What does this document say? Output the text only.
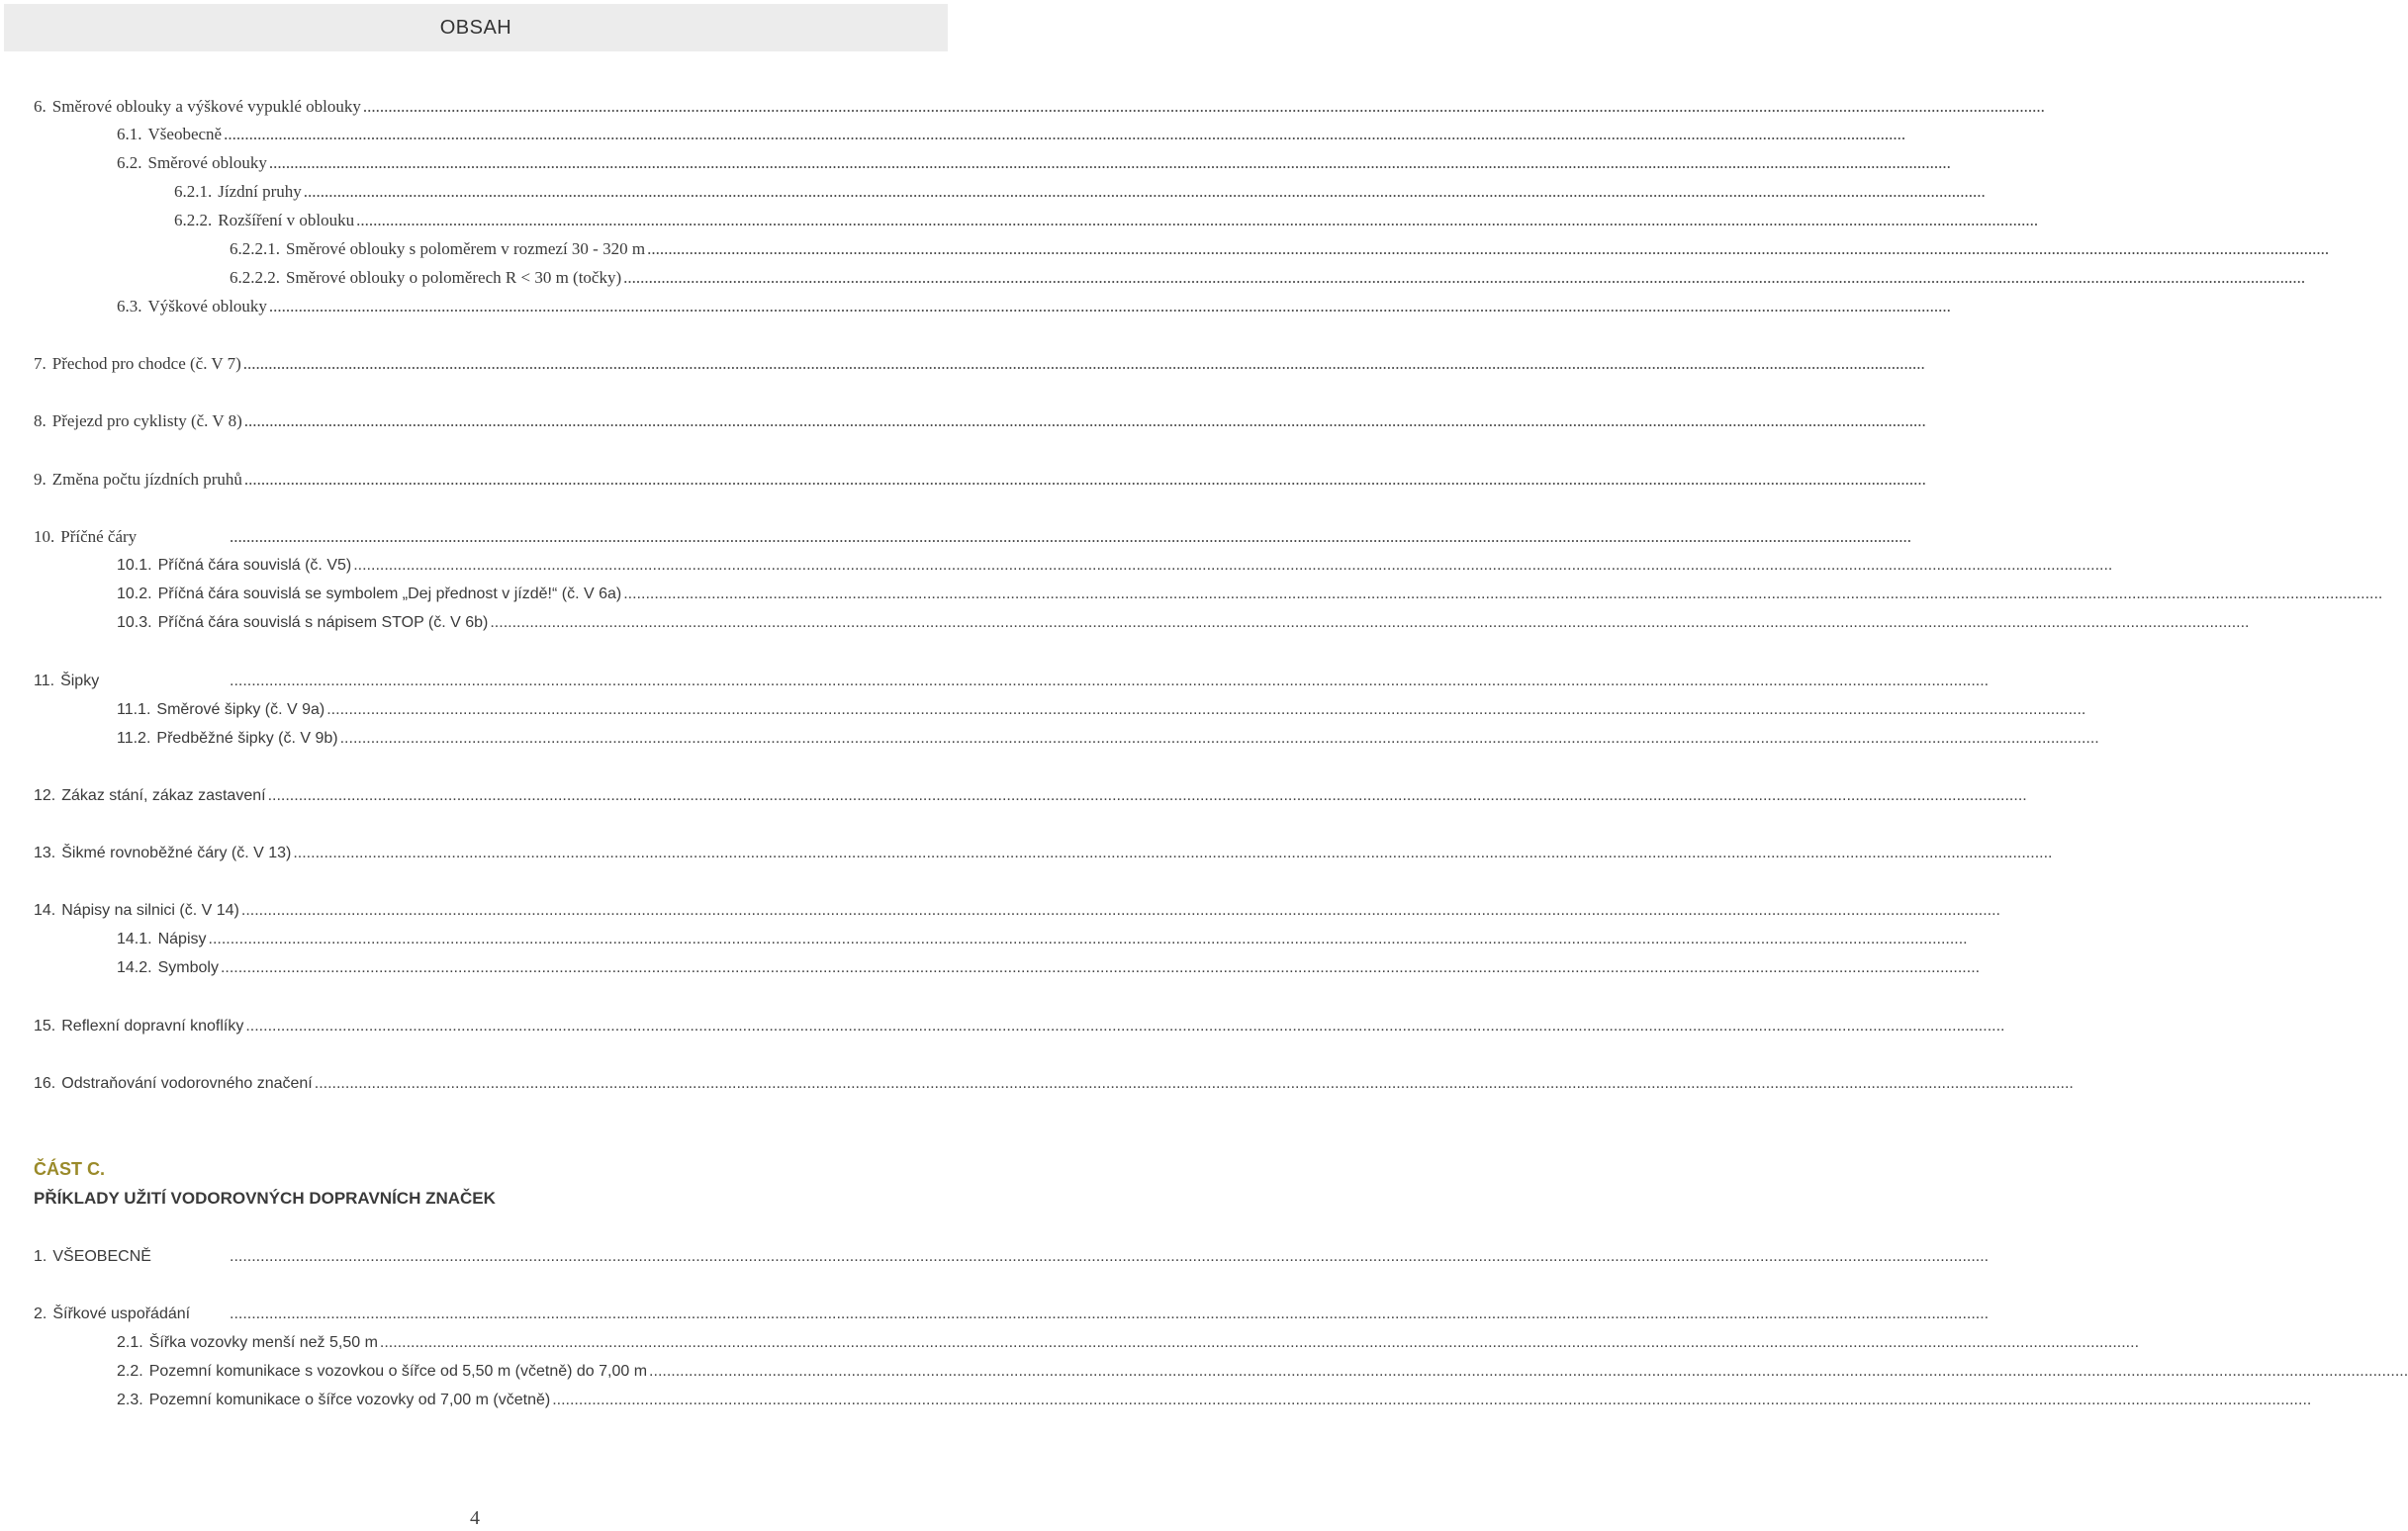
OBSAH
6. Směrové oblouky a výškové vypuklé oblouky ................................................................................................................................................................................................................................................................................................................................................................................................................
6.1. Všeobecně ................................................................................................................................................................................................................................................................................................................................................................................................................
6.2. Směrové oblouky ................................................................................................................................................................................................................................................................................................................................................................................................................
6.2.1. Jízdní pruhy ................................................................................................................................................................................................................................................................................................................................................................................................................
6.2.2. Rozšíření v oblouku ................................................................................................................................................................................................................................................................................................................................................................................................................
6.2.2.1. Směrové oblouky s poloměrem v rozmezí 30 - 320 m ................................................................................................................................................................................................................................................................................................................................................................................................................
6.2.2.2. Směrové oblouky o poloměrech R < 30 m (točky) ................................................................................................................................................................................................................................................................................................................................................................................................................
6.3. Výškové oblouky ................................................................................................................................................................................................................................................................................................................................................................................................................
7. Přechod pro chodce (č. V 7) ................................................................................................................................................................................................................................................................................................................................................................................................................
8. Přejezd pro cyklisty (č. V 8) ................................................................................................................................................................................................................................................................................................................................................................................................................
9. Změna počtu jízdních pruhů ................................................................................................................................................................................................................................................................................................................................................................................................................
10. Příčné čáry	................................................................................................................................................................................................................................................................................................................................................................................................................
10.1. Příčná čára souvislá (č. V5) ................................................................................................................................................................................................................................................................................................................................................................................................................
10.2. Příčná čára souvislá se symbolem „Dej přednost v jízdě!“ (č. V 6a) ................................................................................................................................................................................................................................................................................................................................................................................................................
10.3. Příčná čára souvislá s nápisem STOP (č. V 6b) ................................................................................................................................................................................................................................................................................................................................................................................................................
11. Šipky	................................................................................................................................................................................................................................................................................................................................................................................................................
11.1. Směrové šipky (č. V 9a) ................................................................................................................................................................................................................................................................................................................................................................................................................
11.2. Předběžné šipky (č. V 9b) ................................................................................................................................................................................................................................................................................................................................................................................................................
12. Zákaz stání, zákaz zastavení ................................................................................................................................................................................................................................................................................................................................................................................................................
13. Šikmé rovnoběžné čáry (č. V 13) ................................................................................................................................................................................................................................................................................................................................................................................................................
14. Nápisy na silnici (č. V 14) ................................................................................................................................................................................................................................................................................................................................................................................................................
14.1. Nápisy ................................................................................................................................................................................................................................................................................................................................................................................................................
14.2. Symboly ................................................................................................................................................................................................................................................................................................................................................................................................................
15. Reflexní dopravní knoflíky ................................................................................................................................................................................................................................................................................................................................................................................................................
16. Odstraňování vodorovného značení ................................................................................................................................................................................................................................................................................................................................................................................................................
1. VŠEOBECNĚ	................................................................................................................................................................................................................................................................................................................................................................................................................
2. Šířkové uspořádání ................................................................................................................................................................................................................................................................................................................................................................................................................
2.1. Šířka vozovky menší než 5,50 m ................................................................................................................................................................................................................................................................................................................................................................................................................
2.2. Pozemní komunikace s vozovkou o šířce od 5,50 m (včetně) do 7,00 m ................................................................................................................................................................................................................................................................................................................................................................................................................
2.3. Pozemní komunikace o šířce vozovky od 7,00 m (včetně) ................................................................................................................................................................................................................................................................................................................................................................................................................
ČÁST C.
PŘÍKLADY UŽITÍ VODOROVNÝCH DOPRAVNÍCH ZNAČEK
4
